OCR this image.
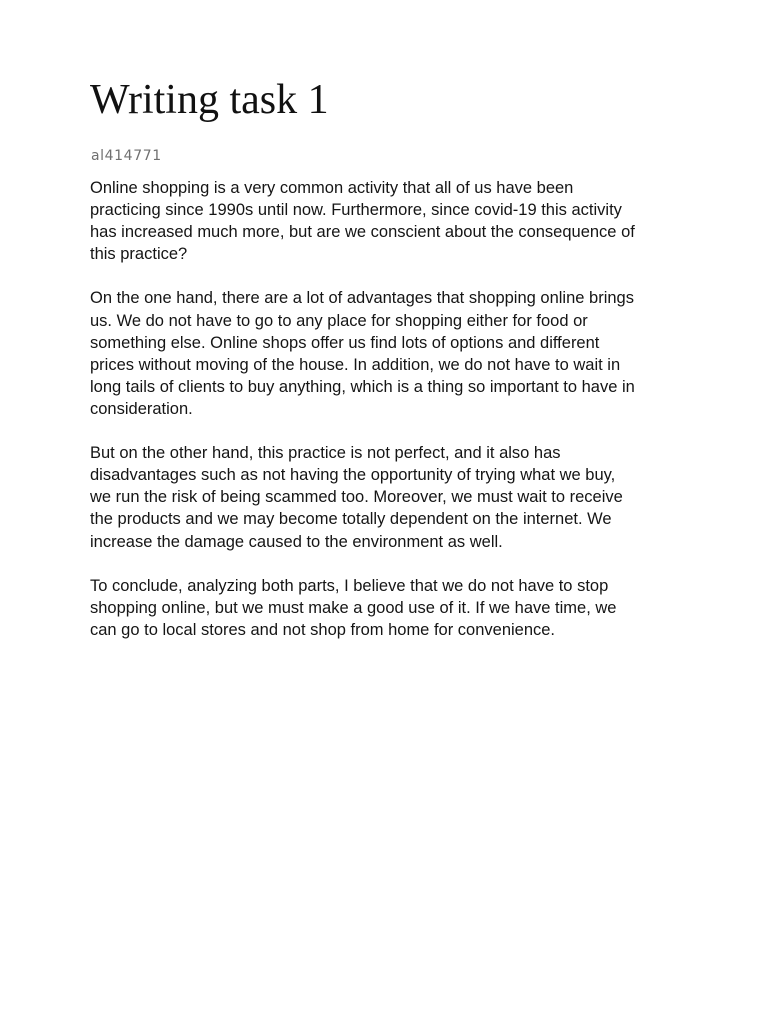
Writing task 1
al414771

Online shopping is a very common activity that all of us have been
practicing since 1990s until now. Furthermore, since covid-19 this activity
has increased much more, but are we conscient about the consequence of
this practice?

On the one hand, there are a lot of advantages that shopping online brings
us. We do not have to go to any place for shopping either for food or
something else. Online shops offer us find lots of options and different
prices without moving of the house. In addition, we do not have to wait in
long tails of clients to buy anything, which is a thing so important to have in
consideration.

But on the other hand, this practice is not perfect, and it also has
disadvantages such as not having the opportunity of trying what we buy,
we run the risk of being scammed too. Moreover, we must wait to receive
the products and we may become totally dependent on the internet. We
increase the damage caused to the environment as well.

To conclude, analyzing both parts, I believe that we do not have to stop
shopping online, but we must make a good use of it. If we have time, we
can go to local stores and not shop from home for convenience.
